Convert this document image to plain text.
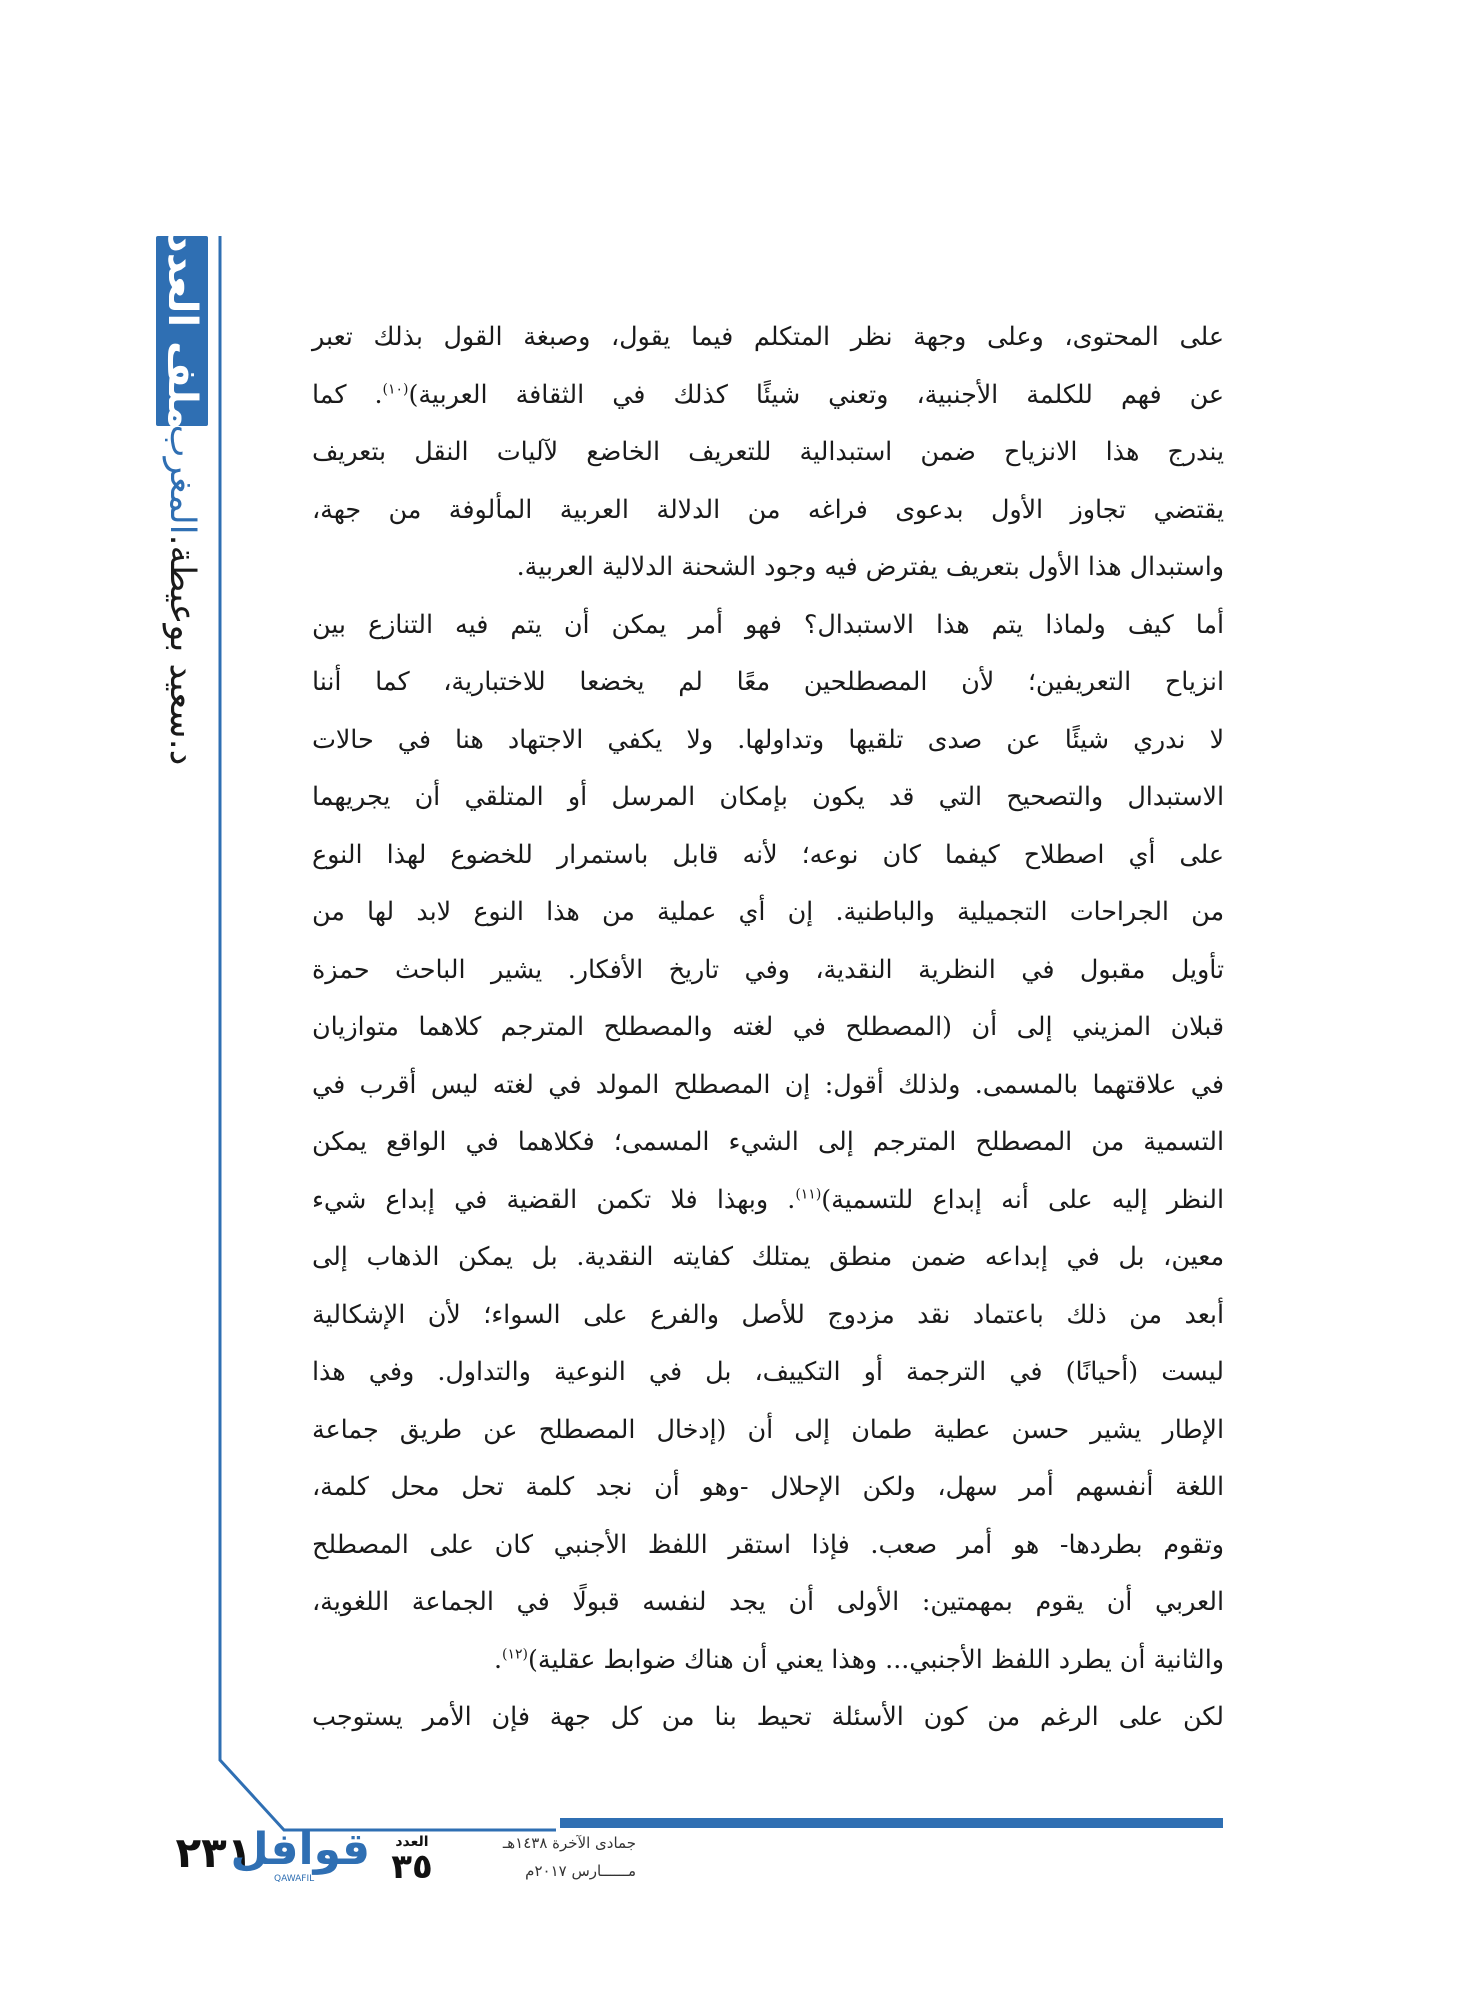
ملف العدد
د.سعيد بوعيطة.المغرب

على المحتوى، وعلى وجهة نظر المتكلم فيما يقول، وصبغة القول بذلك تعبر
عن فهم للكلمة الأجنبية، وتعني شيئًا كذلك في الثقافة العربية)$^{(١٠)}$. كما
يندرج هذا الانزياح ضمن استبدالية للتعريف الخاضع لآليات النقل بتعريف
يقتضي تجاوز الأول بدعوى فراغه من الدلالة العربية المألوفة من جهة،
واستبدال هذا الأول بتعريف يفترض فيه وجود الشحنة الدلالية العربية.
أما كيف ولماذا يتم هذا الاستبدال؟ فهو أمر يمكن أن يتم فيه التنازع بين
انزياح التعريفين؛ لأن المصطلحين معًا لم يخضعا للاختبارية، كما أننا
لا ندري شيئًا عن صدى تلقيها وتداولها. ولا يكفي الاجتهاد هنا في حالات
الاستبدال والتصحيح التي قد يكون بإمكان المرسل أو المتلقي أن يجريهما
على أي اصطلاح كيفما كان نوعه؛ لأنه قابل باستمرار للخضوع لهذا النوع
من الجراحات التجميلية والباطنية. إن أي عملية من هذا النوع لابد لها من
تأويل مقبول في النظرية النقدية، وفي تاريخ الأفكار. يشير الباحث حمزة
قبلان المزيني إلى أن (المصطلح في لغته والمصطلح المترجم كلاهما متوازيان
في علاقتهما بالمسمى. ولذلك أقول: إن المصطلح المولد في لغته ليس أقرب في
التسمية من المصطلح المترجم إلى الشيء المسمى؛ فكلاهما في الواقع يمكن
النظر إليه على أنه إبداع للتسمية)$^{(١١)}$. وبهذا فلا تكمن القضية في إبداع شيء
معين، بل في إبداعه ضمن منطق يمتلك كفايته النقدية. بل يمكن الذهاب إلى
أبعد من ذلك باعتماد نقد مزدوج للأصل والفرع على السواء؛ لأن الإشكالية
ليست (أحيانًا) في الترجمة أو التكييف، بل في النوعية والتداول. وفي هذا
الإطار يشير حسن عطية طمان إلى أن (إدخال المصطلح عن طريق جماعة
اللغة أنفسهم أمر سهل، ولكن الإحلال -وهو أن نجد كلمة تحل محل كلمة،
وتقوم بطردها- هو أمر صعب. فإذا استقر اللفظ الأجنبي كان على المصطلح
العربي أن يقوم بمهمتين: الأولى أن يجد لنفسه قبولًا في الجماعة اللغوية،
والثانية أن يطرد اللفظ الأجنبي... وهذا يعني أن هناك ضوابط عقلية)$^{(١٢)}$.
لكن على الرغم من كون الأسئلة تحيط بنا من كل جهة فإن الأمر يستوجب

٢٣١
قوافل
QAWAFIL
العدد
٣٥
جمادى الآخرة ١٤٣٨هـ
مــــــارس ٢٠١٧م
